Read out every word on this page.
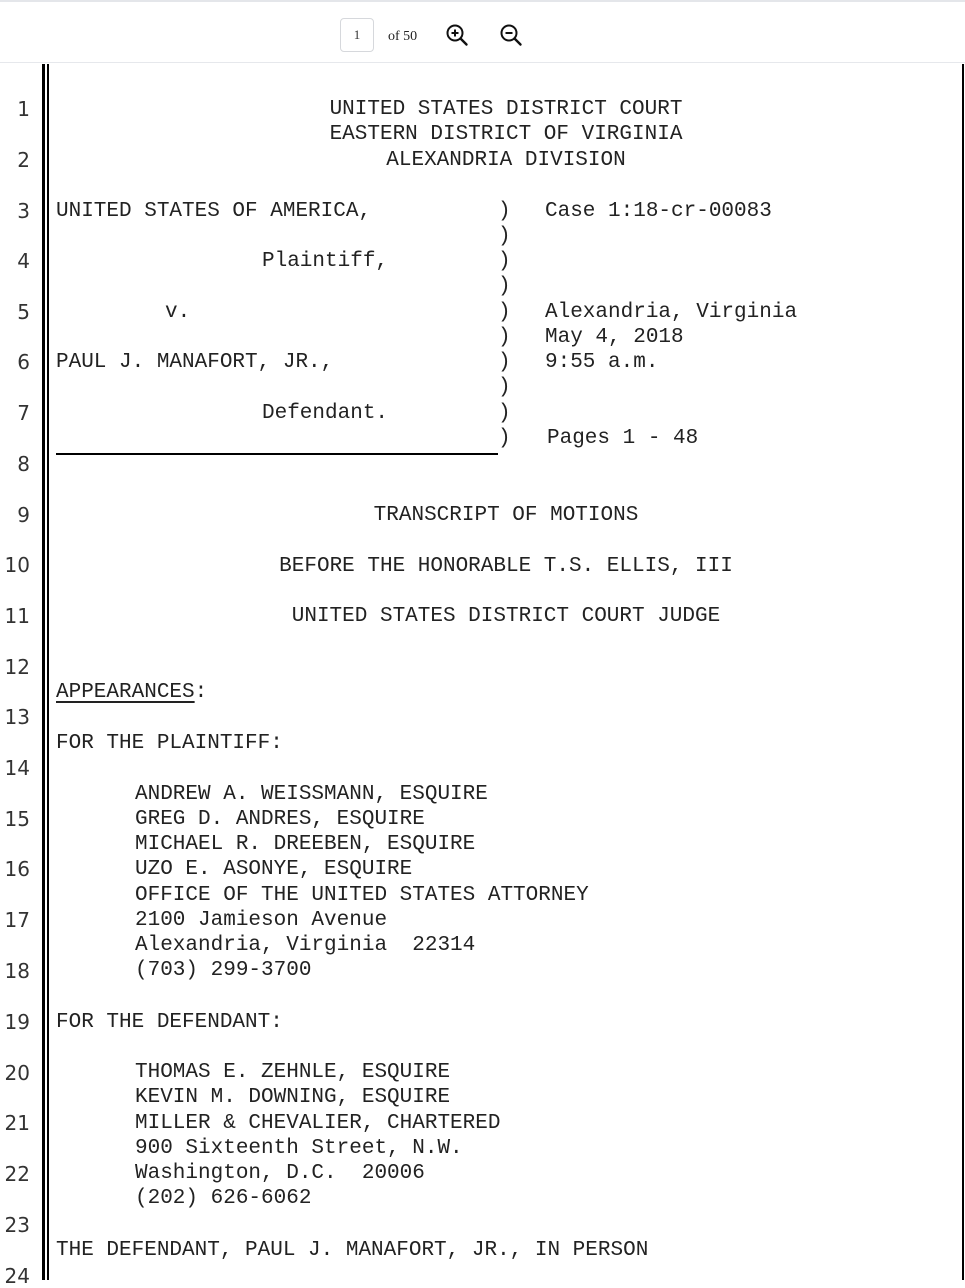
1	of 50
1
2
3
4
5
6
7
8
9
10
11
12
13
14
15
16
17
18
19
20
21
22
23
24
UNITED STATES DISTRICT COURT
EASTERN DISTRICT OF VIRGINIA
ALEXANDRIA DIVISION
UNITED STATES OF AMERICA,
Plaintiff,
v.
PAUL J. MANAFORT, JR.,
Defendant.
)
)
)
)
)
)
)
)
)
)
Case 1:18-cr-00083
Alexandria, Virginia
May 4, 2018
9:55 a.m.
Pages 1 - 48
TRANSCRIPT OF MOTIONS
BEFORE THE HONORABLE T.S. ELLIS, III
UNITED STATES DISTRICT COURT JUDGE
APPEARANCES:
FOR THE PLAINTIFF:
ANDREW A. WEISSMANN, ESQUIRE
GREG D. ANDRES, ESQUIRE
MICHAEL R. DREEBEN, ESQUIRE
UZO E. ASONYE, ESQUIRE
OFFICE OF THE UNITED STATES ATTORNEY
2100 Jamieson Avenue
Alexandria, Virginia  22314
(703) 299-3700
FOR THE DEFENDANT:
THOMAS E. ZEHNLE, ESQUIRE
KEVIN M. DOWNING, ESQUIRE
MILLER & CHEVALIER, CHARTERED
900 Sixteenth Street, N.W.
Washington, D.C.  20006
(202) 626-6062
THE DEFENDANT, PAUL J. MANAFORT, JR., IN PERSON
